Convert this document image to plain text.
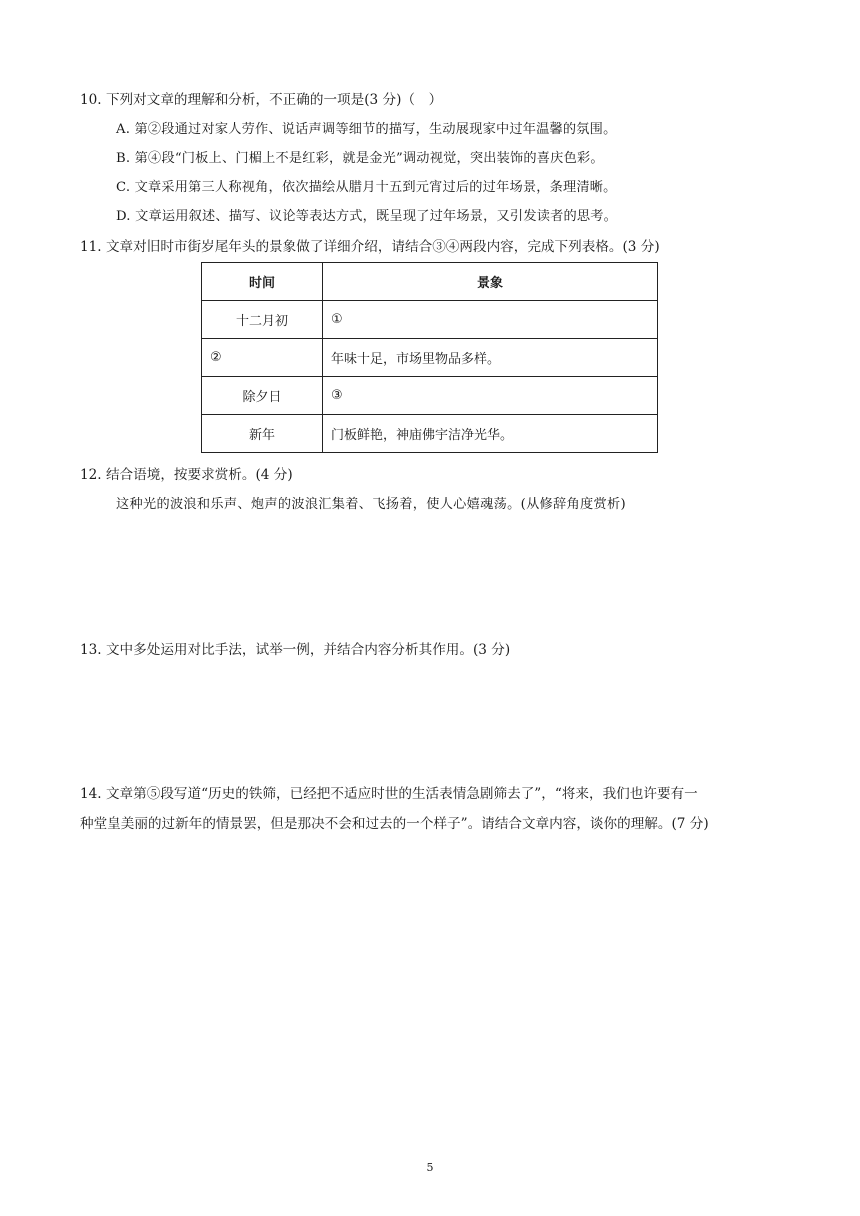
10. 下列对文章的理解和分析，不正确的一项是(3 分)（　）
A. 第②段通过对家人劳作、说话声调等细节的描写，生动展现家中过年温馨的氛围。
B. 第④段“门板上、门楣上不是红彩，就是金光”调动视觉，突出装饰的喜庆色彩。
C. 文章采用第三人称视角，依次描绘从腊月十五到元宵过后的过年场景，条理清晰。
D. 文章运用叙述、描写、议论等表达方式，既呈现了过年场景，又引发读者的思考。
11. 文章对旧时市街岁尾年头的景象做了详细介绍，请结合③④两段内容，完成下列表格。(3 分)
时间	景象
十二月初	①
②	年味十足，市场里物品多样。
除夕日	③
新年	门板鲜艳，神庙佛宇洁净光华。
12. 结合语境，按要求赏析。(4 分)
这种光的波浪和乐声、炮声的波浪汇集着、飞扬着，使人心嬉魂荡。(从修辞角度赏析)
13. 文中多处运用对比手法，试举一例，并结合内容分析其作用。(3 分)
14. 文章第⑤段写道“历史的铁筛，已经把不适应时世的生活表情急剧筛去了”，“将来，我们也许要有一
种堂皇美丽的过新年的情景罢，但是那决不会和过去的一个样子”。请结合文章内容，谈你的理解。(7 分)
5
